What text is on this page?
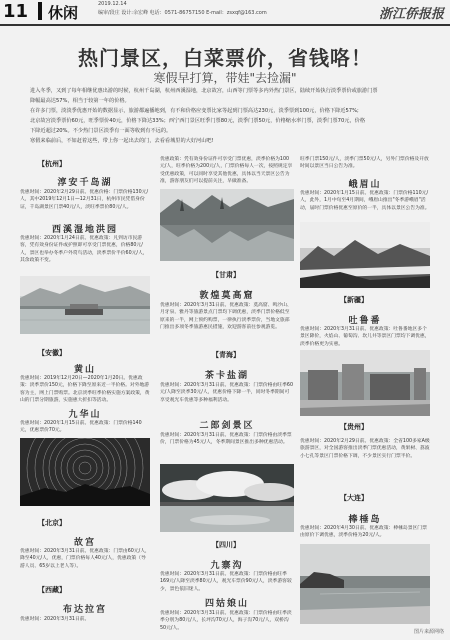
11 休闲	2019.12.14
编审/段庄 设计:余宏峰 电话：0571-86757150 E-mail：zsxqf@163.com	浙江侨报报
热门景区，白菜票价，省钱咯！
寒假早打算，带娃"去捡漏"
进入冬季，又到了每年相继优惠出游的时候，杭州千岛湖，杭州西溪湿地，北京故宫，山西等门票等多内外热门景区，陆续开始执行淡季票价或旅游门票
降幅最高达57%，相当于较第一年的价格。
在许多门票，淡淡季优惠开始的数据显示，旅游都遍播地到，有不和价格应变票比家等起到门票高达230元，淡季票到100元，价格下降近57%;
北京故宫淡季票价60元，旺季票价40元，价格下降达33%；西宁西门景区旺季门票80元，淡季门票50元，价格缩水率门票，淡季门票70元，价格
下降近超过20%。不少热门景区淡季有一面等收到有不远的。
寒假来临前后，不如赶着这些，带上你一起出去的门，去看看城里的大好河山吧!
【杭州】
淳安千岛湖
优惠时间：2020年2月29日前。优惠价格：门票价格130元/人，其中2019年12月1日—12月31日，杭州市民凭借身份证，千岛湖景区门票40元/人，淡旺季票价80元/人。
西溪湿地洪园
优惠时间：2020年1月24日前。优惠政策：凡到访市民游客，凭有效身份证件或护照即可享受门票优惠，价格80元/人，景区也举办冬季户外赏鸟活动，淡季票价半价60元/人，其余政策不变。
【安徽】
黄山
优惠时间：2019年12月20日—2020年1月20日。优惠政策：淡季票价150元，价格下降至原来近一半价格。对外地游客为主，网上门票购票。北京淡季旺季价格实施方案政策，黄山的门票分期旅游，实施惠大折扣等活动。
九华山
优惠时间：2020年1月15日前。优惠政策：门票价格140元，优惠票价70元。
【北京】
故宫
优惠时间：2020年3月31日前。优惠政策：门票由60元/人，降至40元/人，优惠，门票价格每人40元/人，优惠政策（导游人员、65岁以上老人等）。
【西藏】
布达拉宫
优惠时间：2020年3月31日前。
优惠政策：凭有效身份证件可享受门票优惠，淡季价格为100元/人，旺季价格为200元/人，门票价格每人一次，按照规定享受优惠政策，可以同时享受其他优惠，具体以当天景区公告为准，游客朋友们可以提前关注，早做准备。
【甘肃】
敦煌莫高窟
优惠时间：2020年3月31日前。优惠政策：莫高窟、鸣沙山、月牙泉、雅丹等旅游景点门票均下调优惠，淡季门票价格低至原来的一半，网上预约购票，一律执行淡季票价，当地文旅部门推出多项冬季旅游惠民措施，欢迎游客前往参观游览。
【青海】
茶卡盐湖
优惠时间：2020年3月31日前。优惠政策：门票价格由旺季60元/人降至淡季30元/人，优惠价格下降一半，同时冬季期间可享受观光车优惠等多种福利活动。
二郎剑景区
优惠时间：2020年3月31日前。优惠政策：门票价格由淡季票价，门票价格为45元/人，冬季期间景区推出多种优惠活动。
【四川】
九寨沟
优惠时间：2020年3月31日前。优惠政策：门票价格由旺季169元/人降至淡季80元/人，观光车票价90元/人，淡季游客较少，景色依旧迷人。
四姑娘山
优惠时间：2020年3月31日前。优惠政策：门票价格由旺季淡季分别为80元/人，长坪沟70元/人，海子沟70元/人，双桥沟50元/人。
旺季门票150元/人，淡季门票50元/人，另外门票价格及开放时间以景区当日公告为准。
峨眉山
优惠时间：2020年1月15日前。优惠政策：门票价格110元/人，此外，1月中旬至4月期间，峨眉山推出"冬季游峨眉"活动，届时门票价格优惠至原价的一半，具体以景区公告为准。
【新疆】
吐鲁番
优惠时间：2020年3月31日前。优惠政策：吐鲁番地区多个景区降价，火焰山、葡萄沟、坎儿井等景区门票均下调优惠，淡季价格更为实惠。
【贵州】
优惠时间：2020年2月29日前。优惠政策：全省100多家A级旅游景区，对全国游客推出淡季门票优惠活动，黄果树、荔波小七孔等景区门票价格下调，不少景区实行门票半价。
【大连】
棒棰岛
优惠时间：2020年4月30日前。优惠政策：棒棰岛景区门票由原价下调优惠，淡季价格为20元/人。
图片来源网络
